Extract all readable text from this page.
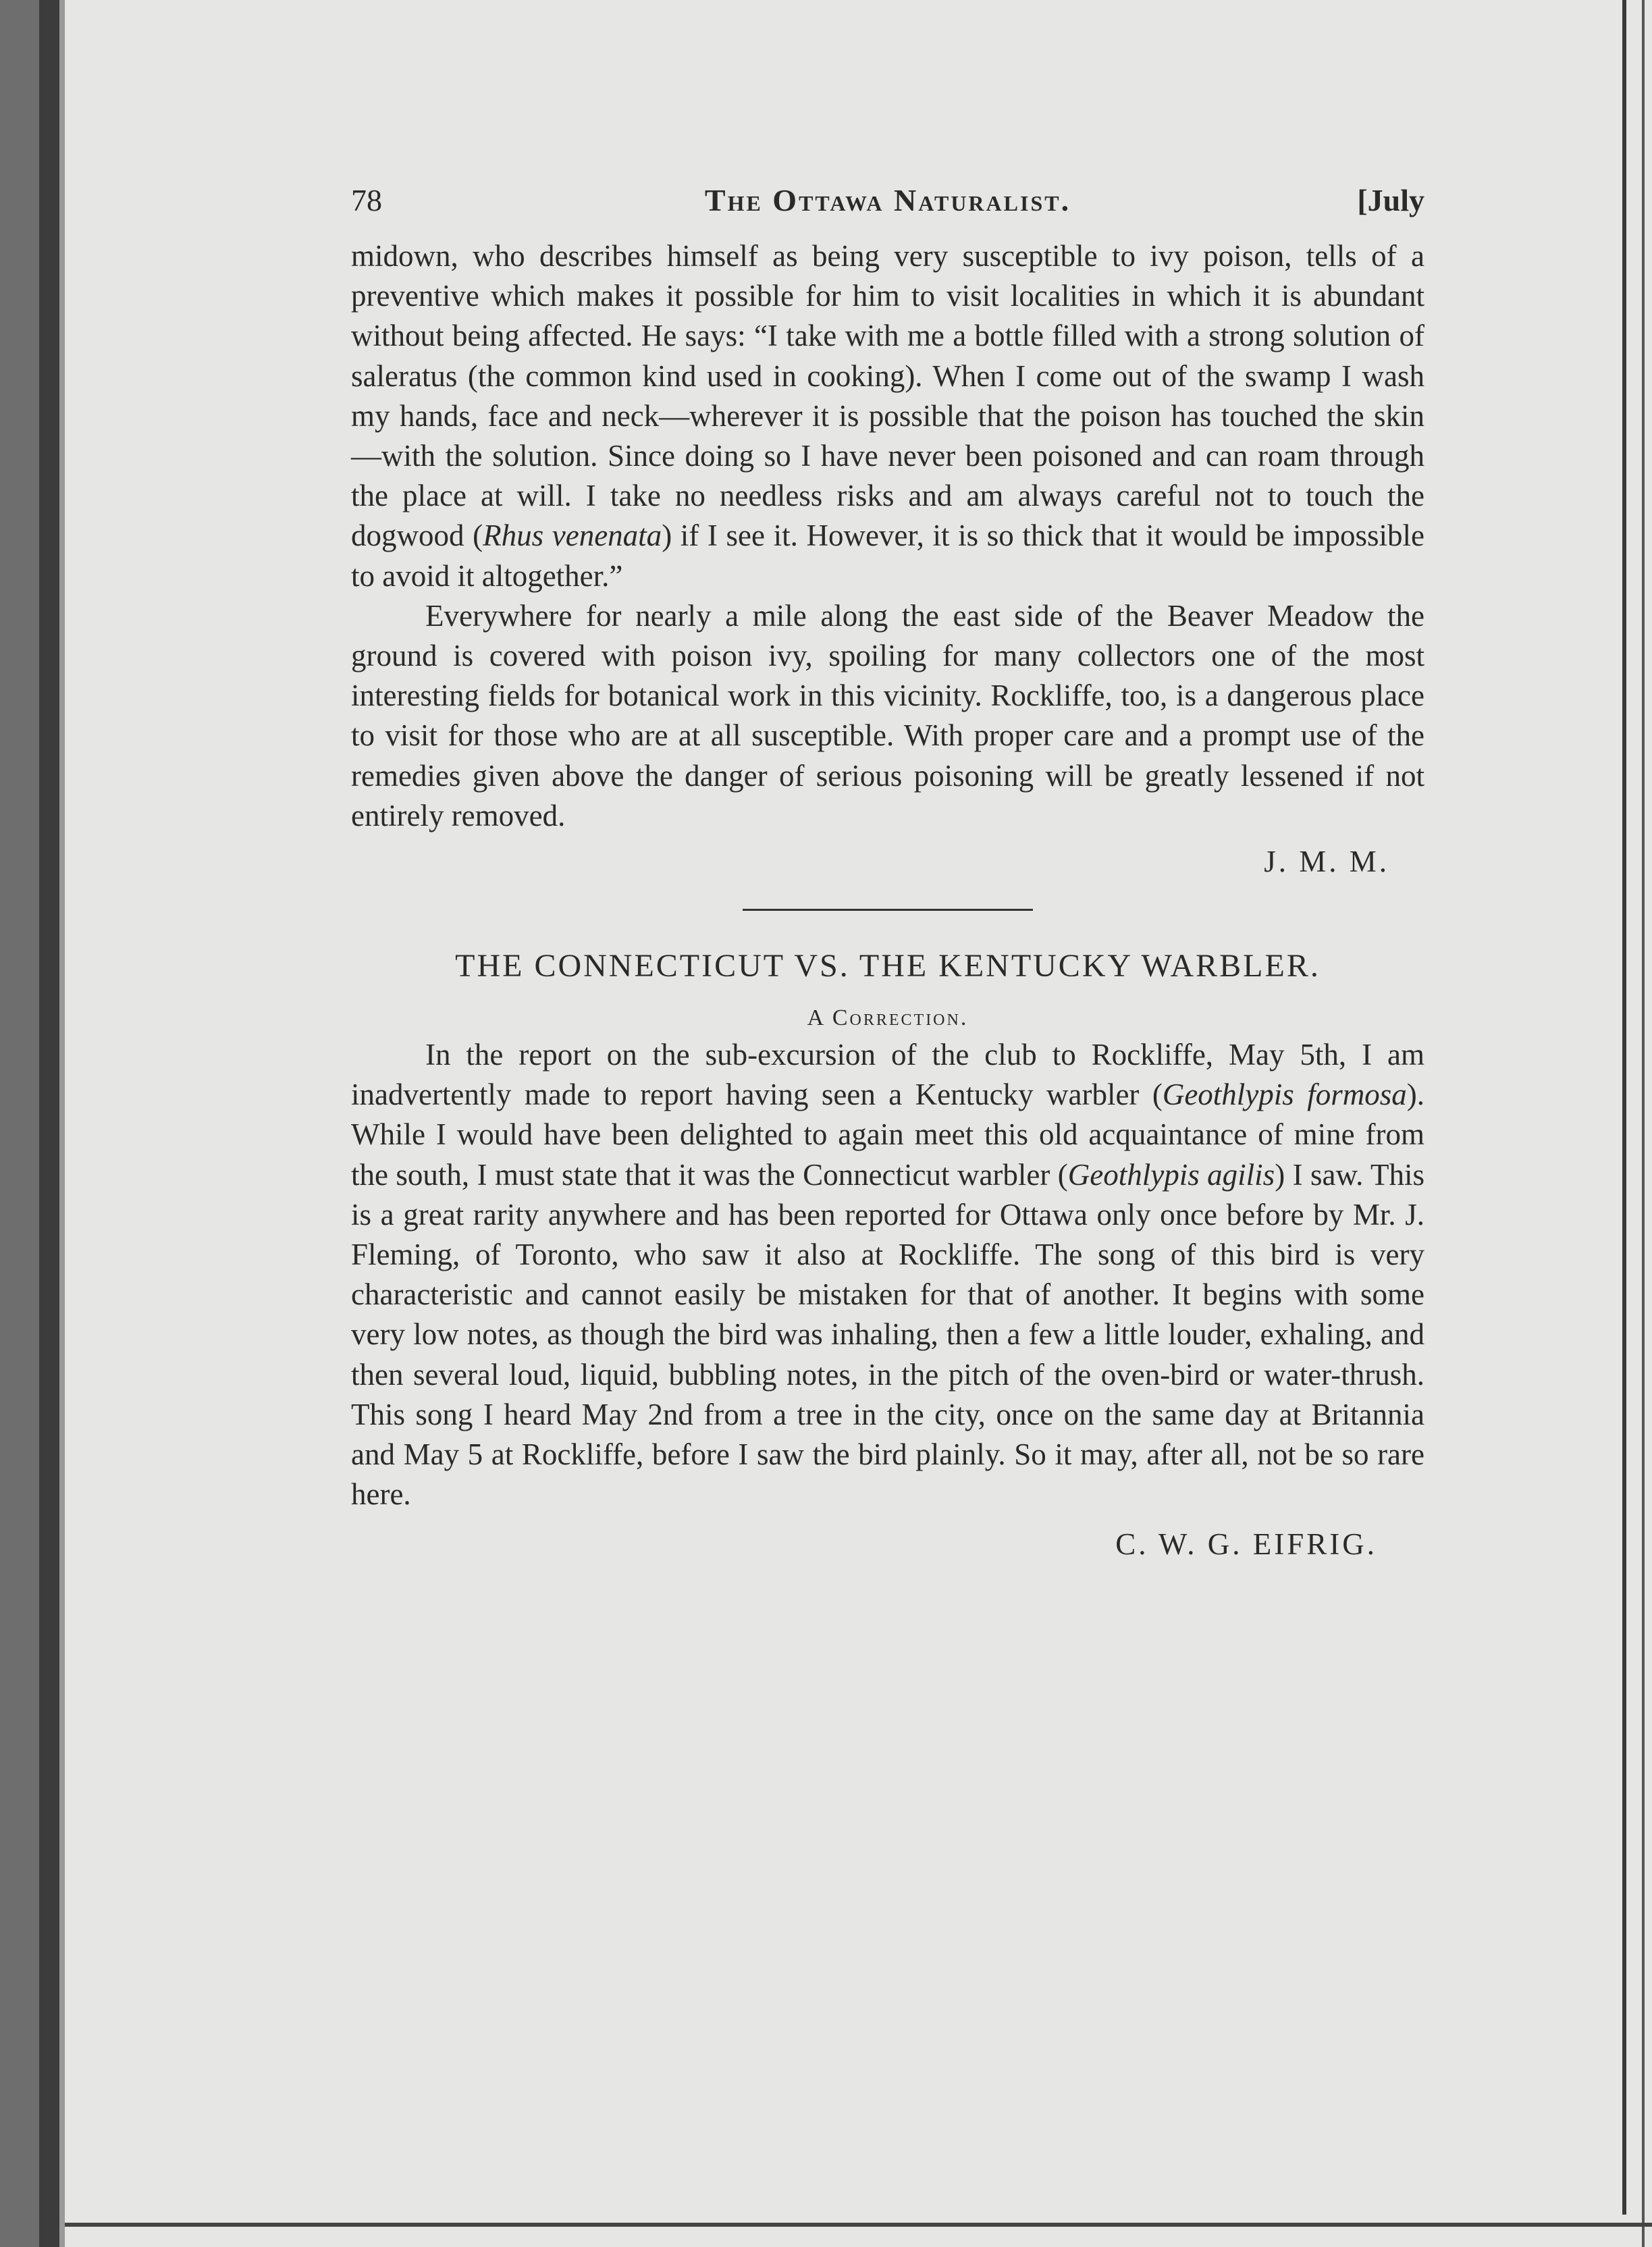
78	The Ottawa Naturalist.	[July

midown, who describes himself as being very susceptible to ivy poison, tells of a preventive which makes it possible for him to visit localities in which it is abundant without being affected. He says: “I take with me a bottle filled with a strong solution of saleratus (the common kind used in cooking). When I come out of the swamp I wash my hands, face and neck—wherever it is possible that the poison has touched the skin—with the solution. Since doing so I have never been poisoned and can roam through the place at will. I take no needless risks and am always careful not to touch the dogwood (Rhus venenata) if I see it. However, it is so thick that it would be impossible to avoid it altogether.”

Everywhere for nearly a mile along the east side of the Beaver Meadow the ground is covered with poison ivy, spoiling for many collectors one of the most interesting fields for botanical work in this vicinity. Rockliffe, too, is a dangerous place to visit for those who are at all susceptible. With proper care and a prompt use of the remedies given above the danger of serious poisoning will be greatly lessened if not entirely removed.

J. M. M.
THE CONNECTICUT VS. THE KENTUCKY WARBLER.
A Correction.

In the report on the sub-excursion of the club to Rockliffe, May 5th, I am inadvertently made to report having seen a Kentucky warbler (Geothlypis formosa). While I would have been delighted to again meet this old acquaintance of mine from the south, I must state that it was the Connecticut warbler (Geothlypis agilis) I saw. This is a great rarity anywhere and has been reported for Ottawa only once before by Mr. J. Fleming, of Toronto, who saw it also at Rockliffe. The song of this bird is very characteristic and cannot easily be mistaken for that of another. It begins with some very low notes, as though the bird was inhaling, then a few a little louder, exhaling, and then several loud, liquid, bubbling notes, in the pitch of the oven-bird or water-thrush. This song I heard May 2nd from a tree in the city, once on the same day at Britannia and May 5 at Rockliffe, before I saw the bird plainly. So it may, after all, not be so rare here.

C. W. G. EIFRIG.
